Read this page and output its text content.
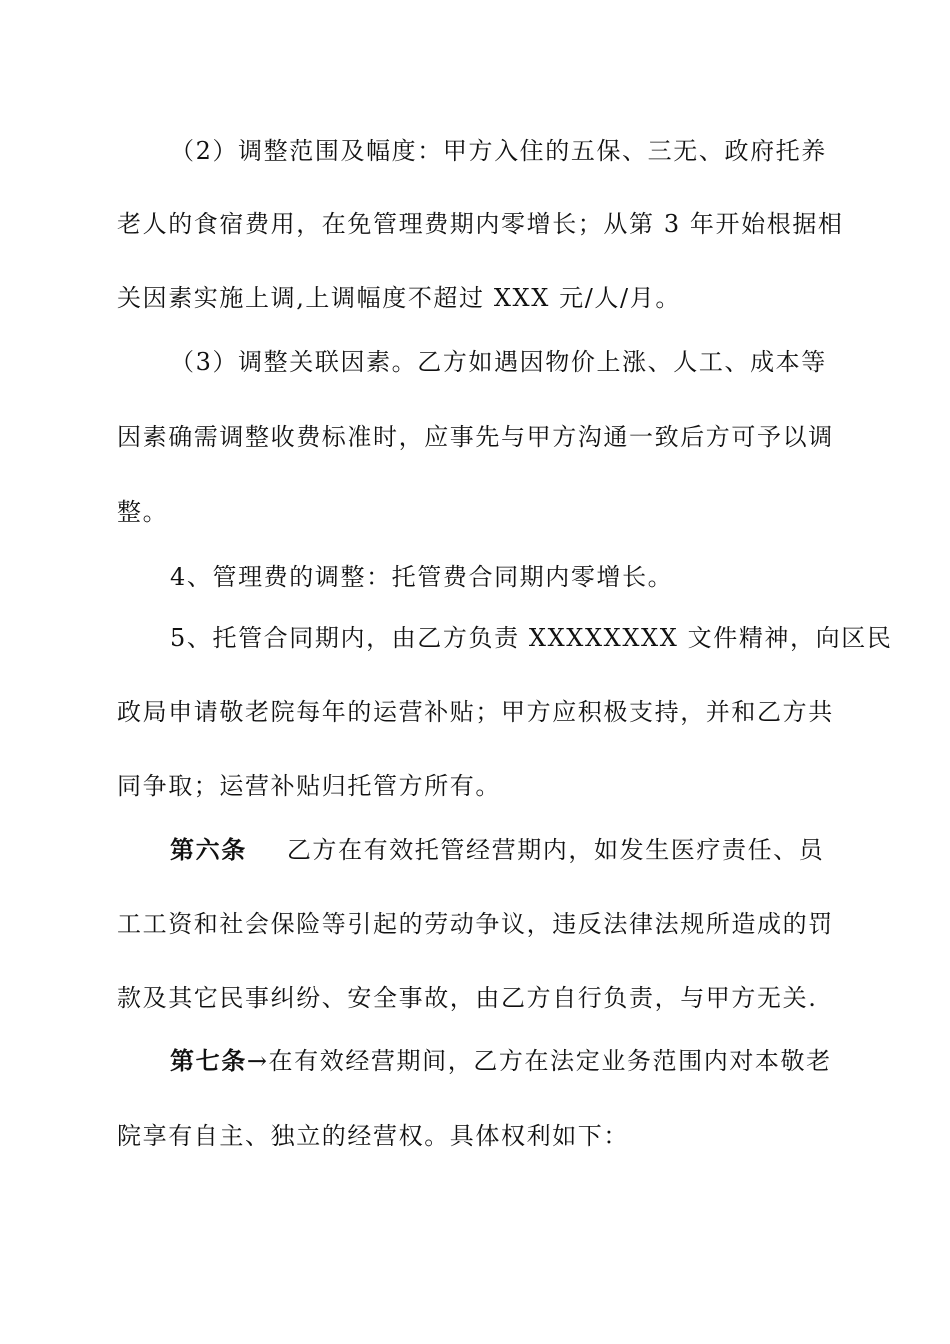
（2）调整范围及幅度：甲方入住的五保、三无、政府托养
老人的食宿费用，在免管理费期内零增长；从第 3 年开始根据相
关因素实施上调,上调幅度不超过 XXX 元/人/月。
（3）调整关联因素。乙方如遇因物价上涨、人工、成本等
因素确需调整收费标准时，应事先与甲方沟通一致后方可予以调
整。
4、管理费的调整：托管费合同期内零增长。
5、托管合同期内，由乙方负责 XXXXXXXX 文件精神，向区民
政局申请敬老院每年的运营补贴；甲方应积极支持，并和乙方共
同争取；运营补贴归托管方所有。
第六条 乙方在有效托管经营期内，如发生医疗责任、员
工工资和社会保险等引起的劳动争议，违反法律法规所造成的罚
款及其它民事纠纷、安全事故，由乙方自行负责，与甲方无关.
第七条→在有效经营期间，乙方在法定业务范围内对本敬老
院享有自主、独立的经营权。具体权利如下：
